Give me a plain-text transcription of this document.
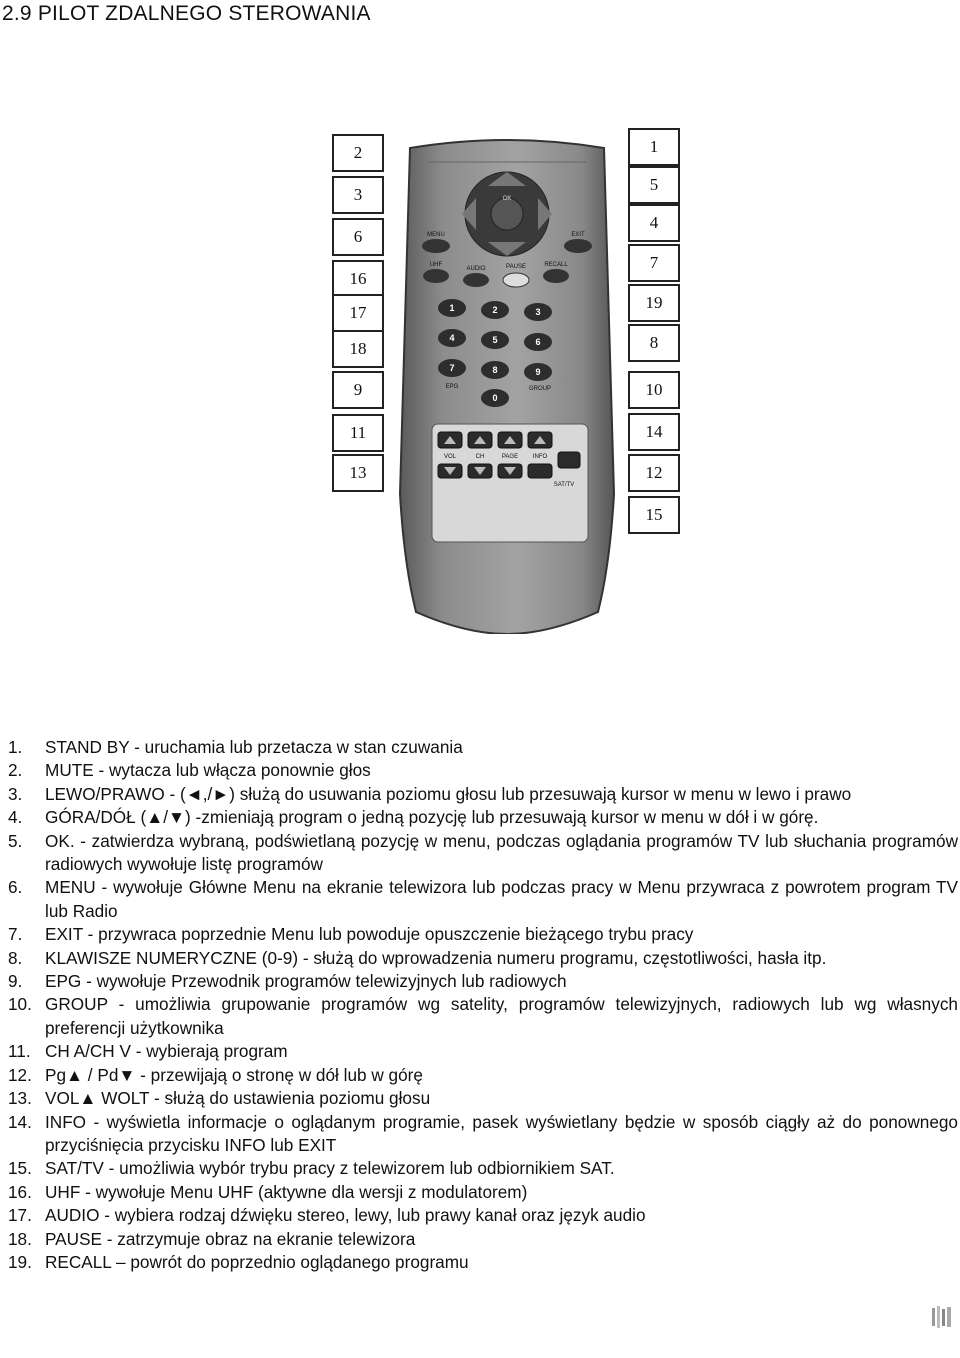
2.9 PILOT ZDALNEGO STEROWANIA
2
3
6
16
17
18
9
11
13
1
5
4
7
19
8
10
14
12
15
OK
MENU	EXIT
UHF
AUDIO	PAUSE	RECALL
1	2	3
4	5	6
7	8	9
0
EPG	GROUP
VOL	CH	PAGE INFO
SAT/TV
1.	STAND BY - uruchamia lub przetacza w stan czuwania
2.	MUTE - wytacza lub włącza ponownie głos
3.	LEWO/PRAWO - (◄,/►) służą do usuwania poziomu głosu lub przesuwają kursor w menu w lewo i prawo
4.	GÓRA/DÓŁ (▲/▼) -zmieniają program o jedną pozycję lub przesuwają kursor w menu w dół i w górę.
5.	OK. - zatwierdza wybraną, podświetlaną pozycję w menu, podczas oglądania programów TV lub słuchania programów radiowych wywołuje listę programów
6.	MENU - wywołuje Główne Menu na ekranie telewizora lub podczas pracy w Menu przywraca z powrotem program TV lub Radio
7.	EXIT - przywraca poprzednie Menu lub powoduje opuszczenie bieżącego trybu pracy
8.	KLAWISZE NUMERYCZNE (0-9) - służą do wprowadzenia numeru programu, częstotliwości, hasła itp.
9.	EPG - wywołuje Przewodnik programów telewizyjnych lub radiowych
10. GROUP - umożliwia grupowanie programów wg satelity, programów telewizyjnych, radiowych lub wg własnych preferencji użytkownika
11. CH A/CH V - wybierają program
12. Pg▲ / Pd▼ - przewijają o stronę w dół lub w górę
13. VOL▲ WOLT - służą do ustawienia poziomu głosu
14. INFO - wyświetla informacje o oglądanym programie, pasek wyświetlany będzie w sposób ciągły aż do ponownego przyciśnięcia przycisku INFO lub EXIT
15. SAT/TV - umożliwia wybór trybu pracy z telewizorem lub odbiornikiem SAT.
16. UHF - wywołuje Menu UHF (aktywne dla wersji z modulatorem)
17. AUDIO - wybiera rodzaj dźwięku stereo, lewy, lub prawy kanał oraz język audio
18. PAUSE - zatrzymuje obraz na ekranie telewizora
19. RECALL – powrót do poprzednio oglądanego programu
